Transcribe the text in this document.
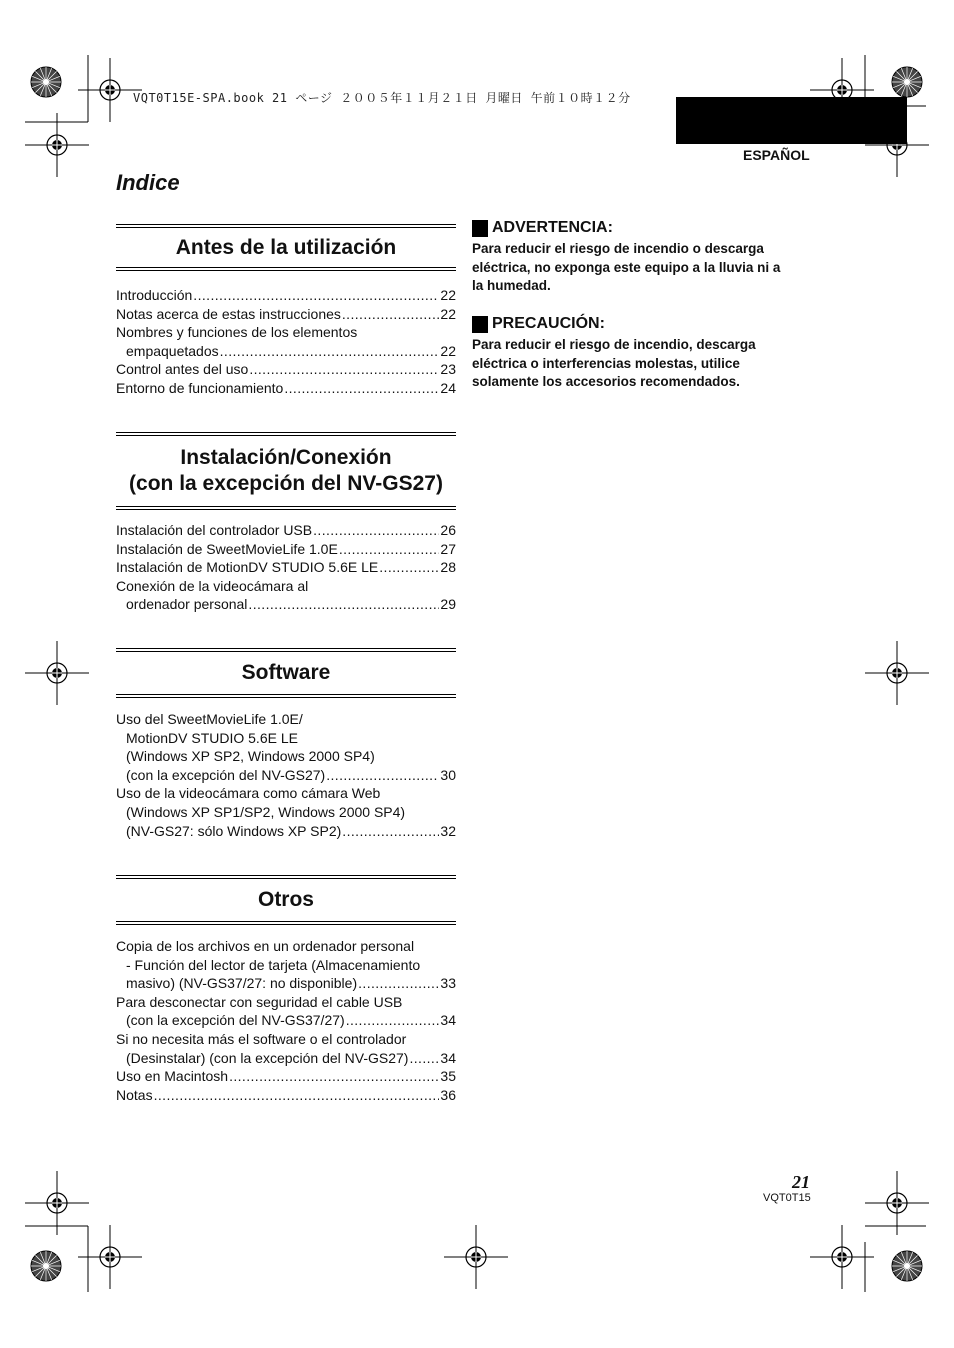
VQT0T15E-SPA.book 21 ページ ２００５年１１月２１日 月曜日 午前１０時１２分
ESPAÑOL
Indice
Antes de la utilización
Introducción .....	22
Notas acerca de estas instrucciones .....	22
Nombres y funciones de los elementos
empaquetados .....	22
Control antes del uso .....	23
Entorno de funcionamiento .....	24
Instalación/Conexión
(con la excepción del NV-GS27)
Instalación del controlador USB .....	26
Instalación de SweetMovieLife 1.0E .....	27
Instalación de MotionDV STUDIO 5.6E LE .....	28
Conexión de la videocámara al
ordenador personal .....	29
Software
Uso del SweetMovieLife 1.0E/
MotionDV STUDIO 5.6E LE
(Windows XP SP2, Windows 2000 SP4)
(con la excepción del NV-GS27) .....	30
Uso de la videocámara como cámara Web
(Windows XP SP1/SP2, Windows 2000 SP4)
(NV-GS27: sólo Windows XP SP2) .....	32
Otros
Copia de los archivos en un ordenador personal
- Función del lector de tarjeta (Almacenamiento
masivo) (NV-GS37/27: no disponible) .....	33
Para desconectar con seguridad el cable USB
(con la excepción del NV-GS37/27) .....	34
Si no necesita más el software o el controlador
(Desinstalar) (con la excepción del NV-GS27) ..... 34
Uso en Macintosh .....	35
Notas .....	36
ADVERTENCIA:
Para reducir el riesgo de incendio o descarga
eléctrica, no exponga este equipo a la lluvia ni a
la humedad.
PRECAUCIÓN:
Para reducir el riesgo de incendio, descarga
eléctrica o interferencias molestas, utilice
solamente los accesorios recomendados.
21
VQT0T15
